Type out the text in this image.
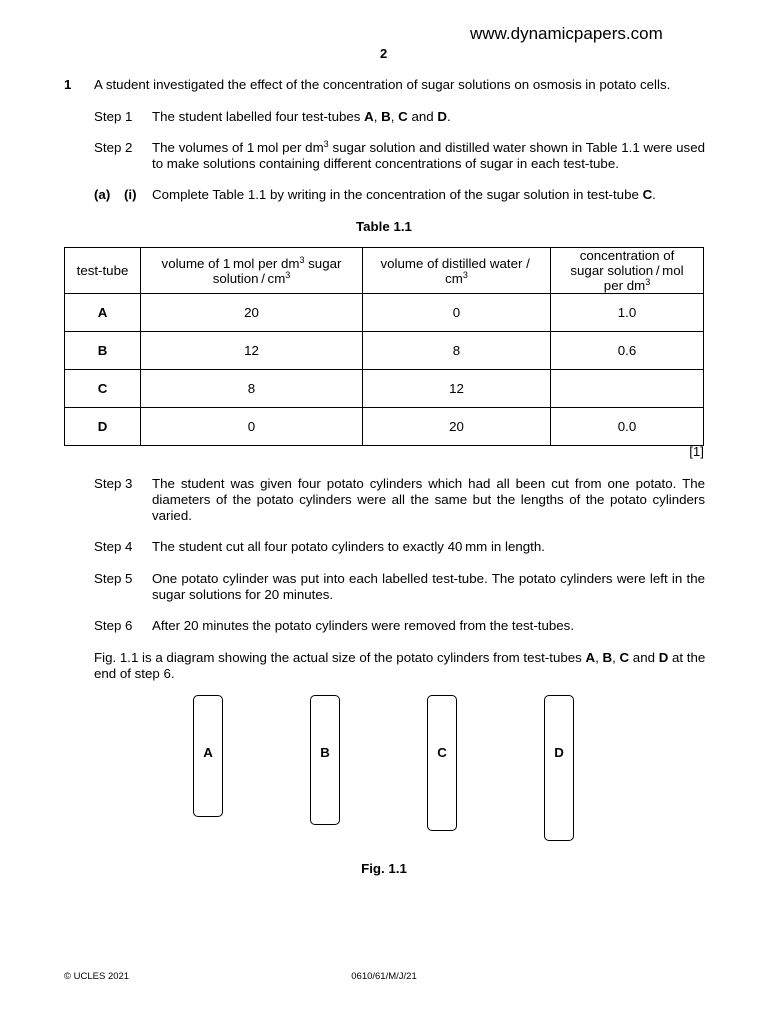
www.dynamicpapers.com
2
1 A student investigated the effect of the concentration of sugar solutions on osmosis in potato cells.
Step 1 The student labelled four test-tubes A, B, C and D.
Step 2 The volumes of 1 mol per $dm^3$ sugar solution and distilled water shown in Table 1.1 were used to make solutions containing different concentrations of sugar in each test-tube.
(a) (i) Complete Table 1.1 by writing in the concentration of the sugar solution in test-tube C.
Table 1.1
test-tube	volume of 1 mol per $dm^3$ sugar solution / $cm^3$	volume of distilled water / $cm^3$	concentration of sugar solution / mol per $dm^3$
A	20	0	1.0
B	12	8	0.6
C	8	12	
D	0	20	0.0
[1]
Step 3 The student was given four potato cylinders which had all been cut from one potato. The diameters of the potato cylinders were all the same but the lengths of the potato cylinders varied.
Step 4 The student cut all four potato cylinders to exactly 40 mm in length.
Step 5 One potato cylinder was put into each labelled test-tube. The potato cylinders were left in the sugar solutions for 20 minutes.
Step 6 After 20 minutes the potato cylinders were removed from the test-tubes.
Fig. 1.1 is a diagram showing the actual size of the potato cylinders from test-tubes A, B, C and D at the end of step 6.
A	B	C	D
Fig. 1.1
© UCLES 2021	0610/61/M/J/21
